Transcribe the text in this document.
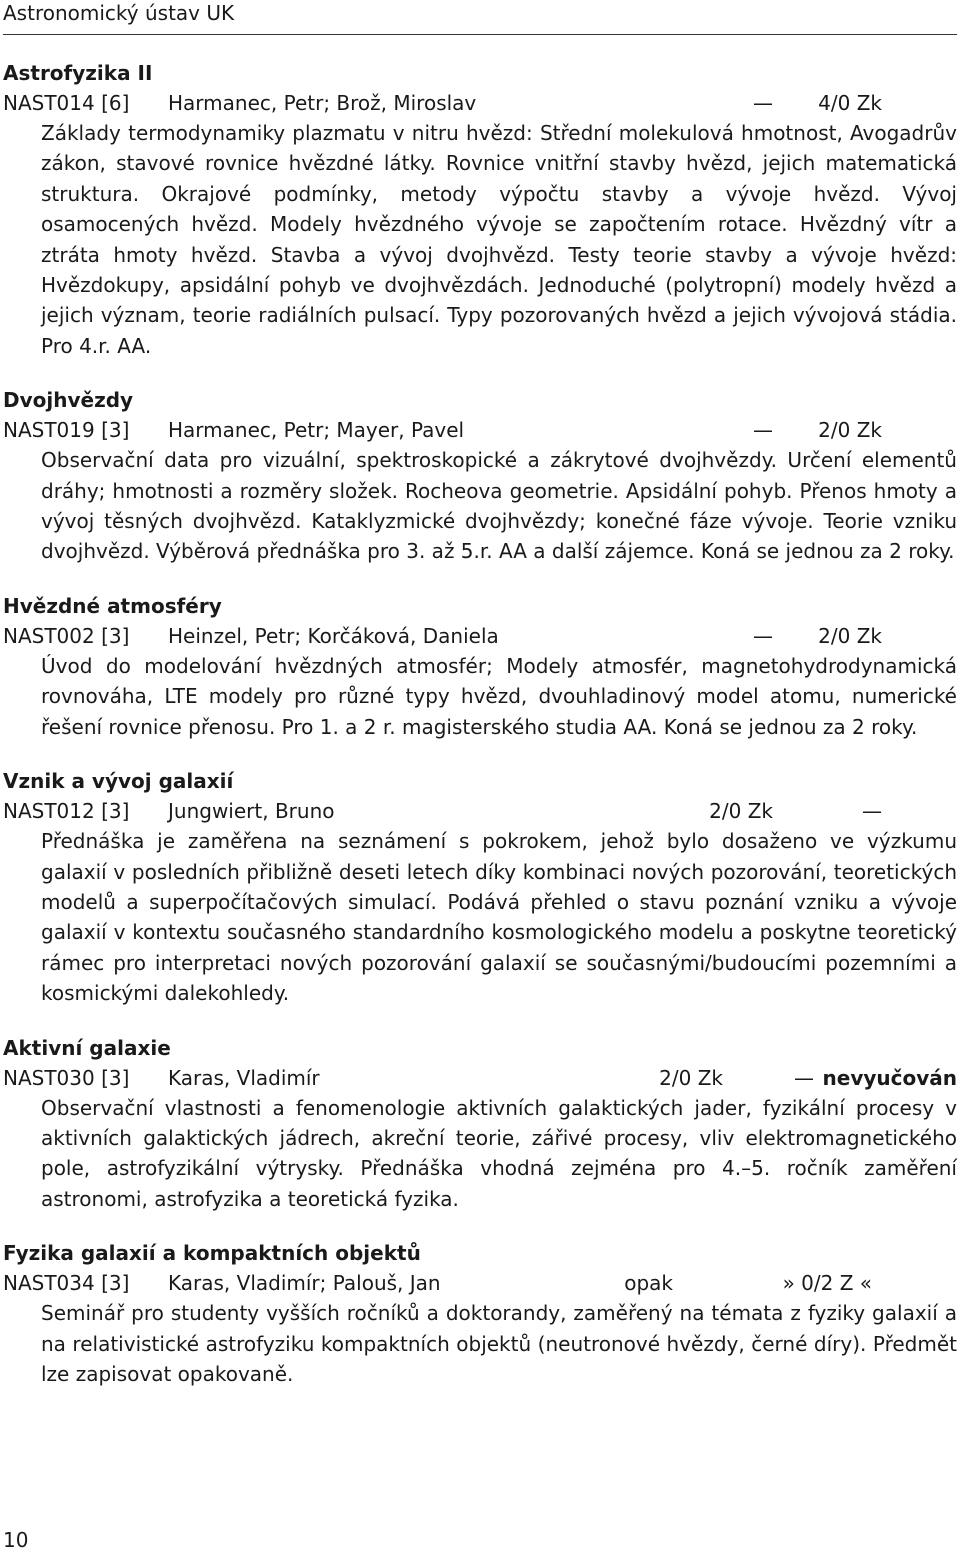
Astronomický ústav UK
Astrofyzika II
NAST014 [6] Harmanec, Petr; Brož, Miroslav	— 4/0 Zk

Základy termodynamiky plazmatu v nitru hvězd: Střední molekulová hmotnost, Avogadrův zákon, stavové rovnice hvězdné látky. Rovnice vnitřní stavby hvězd, jejich matematická struktura. Okrajové podmínky, metody výpočtu stavby a vývoje hvězd. Vývoj osamocených hvězd. Modely hvězdného vývoje se započtením rotace. Hvězdný vítr a ztráta hmoty hvězd. Stavba a vývoj dvojhvězd. Testy teorie stavby a vývoje hvězd: Hvězdokupy, apsidální pohyb ve dvojhvězdách. Jednoduché (polytropní) modely hvězd a jejich význam, teorie radiálních pulsací. Typy pozorovaných hvězd a jejich vývojová stádia. Pro 4.r. AA.

Dvojhvězdy
NAST019 [3] Harmanec, Petr; Mayer, Pavel	— 2/0 Zk

Observační data pro vizuální, spektroskopické a zákrytové dvojhvězdy. Určení elementů dráhy; hmotnosti a rozměry složek. Rocheova geometrie. Apsidální pohyb. Přenos hmoty a vývoj těsných dvojhvězd. Kataklyzmické dvojhvězdy; konečné fáze vývoje. Teorie vzniku dvojhvězd. Výběrová přednáška pro 3. až 5.r. AA a další zájemce. Koná se jednou za 2 roky.

Hvězdné atmosféry
NAST002 [3] Heinzel, Petr; Korčáková, Daniela	— 2/0 Zk

Úvod do modelování hvězdných atmosfér; Modely atmosfér, magnetohydrodynamická rovnováha, LTE modely pro různé typy hvězd, dvouhladinový model atomu, numerické řešení rovnice přenosu. Pro 1. a 2 r. magisterského studia AA. Koná se jednou za 2 roky.

Vznik a vývoj galaxií
NAST012 [3] Jungwiert, Bruno	2/0 Zk	—

Přednáška je zaměřena na seznámení s pokrokem, jehož bylo dosaženo ve výzkumu galaxií v posledních přibližně deseti letech díky kombinaci nových pozorování, teoretických modelů a superpočítačových simulací. Podává přehled o stavu poznání vzniku a vývoje galaxií v kontextu současného standardního kosmologického modelu a poskytne teoretický rámec pro interpretaci nových pozorování galaxií se současnými/budoucími pozemními a kosmickými dalekohledy.

Aktivní galaxie
NAST030 [3] Karas, Vladimír	2/0 Zk	— nevyučován

Observační vlastnosti a fenomenologie aktivních galaktických jader, fyzikální procesy v aktivních galaktických jádrech, akreční teorie, zářivé procesy, vliv elektromagnetického pole, astrofyzikální výtrysky. Přednáška vhodná zejména pro 4.–5. ročník zaměření astronomi, astrofyzika a teoretická fyzika.

Fyzika galaxií a kompaktních objektů
NAST034 [3] Karas, Vladimír; Palouš, Jan	opak	» 0/2 Z «

Seminář pro studenty vyšších ročníků a doktorandy, zaměřený na témata z fyziky galaxií a na relativistické astrofyziku kompaktních objektů (neutronové hvězdy, černé díry). Předmět lze zapisovat opakovaně.

10
